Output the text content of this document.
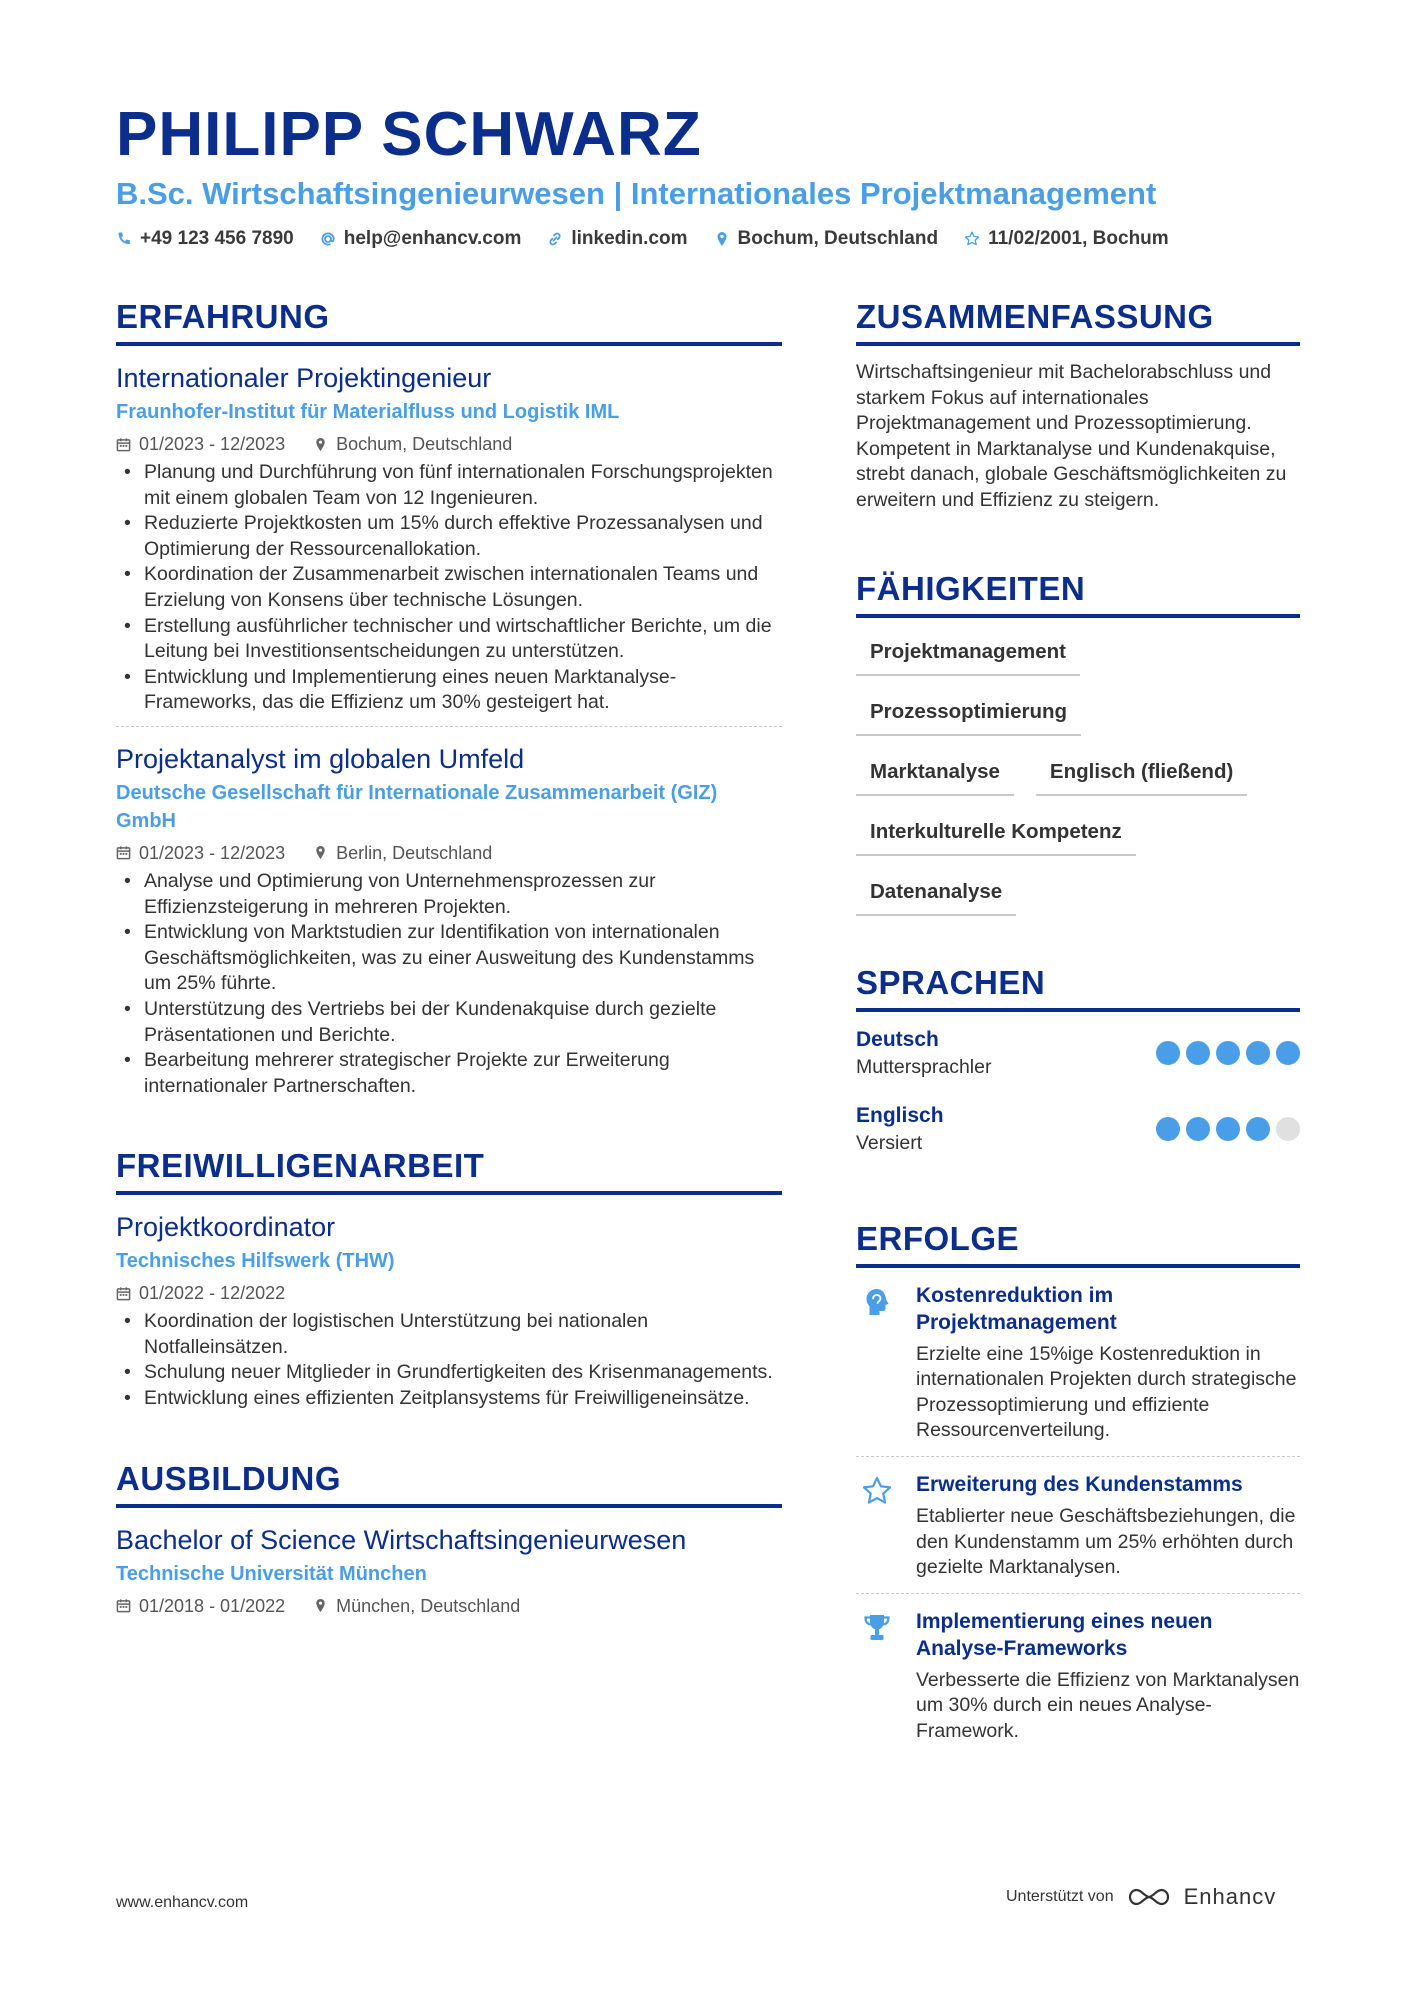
PHILIPP SCHWARZ
B.Sc. Wirtschaftsingenieurwesen | Internationales Projektmanagement
+49 123 456 7890	help@enhancv.com	linkedin.com	Bochum, Deutschland	11/02/2001, Bochum
ERFAHRUNG
Internationaler Projektingenieur
Fraunhofer-Institut für Materialfluss und Logistik IML
01/2023 - 12/2023	Bochum, Deutschland
• Planung und Durchführung von fünf internationalen Forschungsprojekten mit einem globalen Team von 12 Ingenieuren.
• Reduzierte Projektkosten um 15% durch effektive Prozessanalysen und Optimierung der Ressourcenallokation.
• Koordination der Zusammenarbeit zwischen internationalen Teams und Erzielung von Konsens über technische Lösungen.
• Erstellung ausführlicher technischer und wirtschaftlicher Berichte, um die Leitung bei Investitionsentscheidungen zu unterstützen.
• Entwicklung und Implementierung eines neuen Marktanalyse-Frameworks, das die Effizienz um 30% gesteigert hat.
Projektanalyst im globalen Umfeld
Deutsche Gesellschaft für Internationale Zusammenarbeit (GIZ) GmbH
01/2023 - 12/2023	Berlin, Deutschland
• Analyse und Optimierung von Unternehmensprozessen zur Effizienzsteigerung in mehreren Projekten.
• Entwicklung von Marktstudien zur Identifikation von internationalen Geschäftsmöglichkeiten, was zu einer Ausweitung des Kundenstamms um 25% führte.
• Unterstützung des Vertriebs bei der Kundenakquise durch gezielte Präsentationen und Berichte.
• Bearbeitung mehrerer strategischer Projekte zur Erweiterung internationaler Partnerschaften.
FREIWILLIGENARBEIT
Projektkoordinator
Technisches Hilfswerk (THW)
01/2022 - 12/2022
• Koordination der logistischen Unterstützung bei nationalen Notfalleinsätzen.
• Schulung neuer Mitglieder in Grundfertigkeiten des Krisenmanagements.
• Entwicklung eines effizienten Zeitplansystems für Freiwilligeneinsätze.
AUSBILDUNG
Bachelor of Science Wirtschaftsingenieurwesen
Technische Universität München
01/2018 - 01/2022	München, Deutschland
ZUSAMMENFASSUNG
Wirtschaftsingenieur mit Bachelorabschluss und starkem Fokus auf internationales Projektmanagement und Prozessoptimierung. Kompetent in Marktanalyse und Kundenakquise, strebt danach, globale Geschäftsmöglichkeiten zu erweitern und Effizienz zu steigern.
FÄHIGKEITEN
Projektmanagement
Prozessoptimierung
Marktanalyse	Englisch (fließend)
Interkulturelle Kompetenz
Datenanalyse
SPRACHEN
Deutsch
Muttersprachler
Englisch
Versiert
ERFOLGE
Kostenreduktion im Projektmanagement
Erzielte eine 15%ige Kostenreduktion in internationalen Projekten durch strategische Prozessoptimierung und effiziente Ressourcenverteilung.
Erweiterung des Kundenstamms
Etablierter neue Geschäftsbeziehungen, die den Kundenstamm um 25% erhöhten durch gezielte Marktanalysen.
Implementierung eines neuen Analyse-Frameworks
Verbesserte die Effizienz von Marktanalysen um 30% durch ein neues Analyse-Framework.
www.enhancv.com	Unterstützt von	Enhancv
